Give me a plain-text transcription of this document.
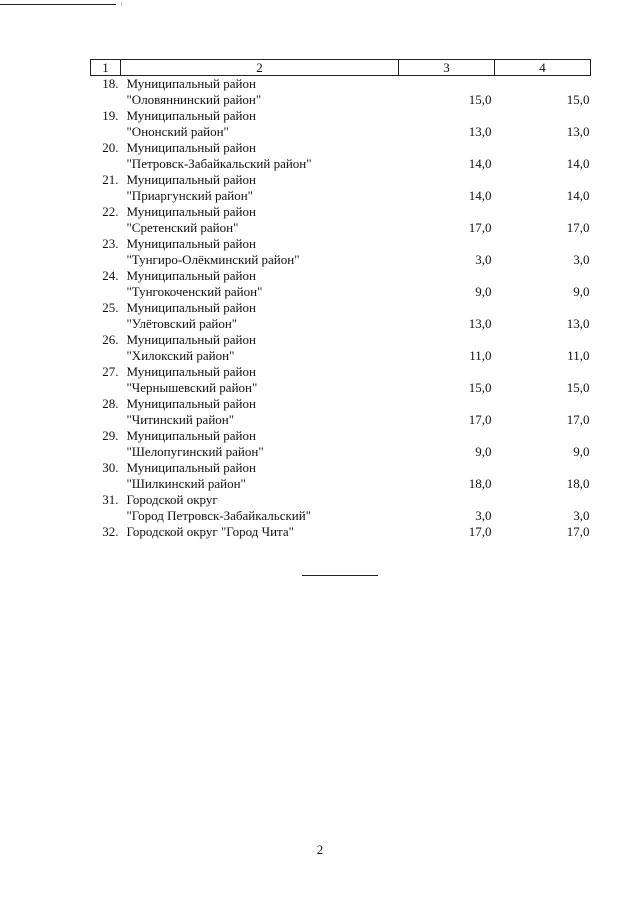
1	2	3	4
18.	Муниципальный район
"Оловяннинский район"	15,0	15,0
19.	Муниципальный район
"Ононский район"	13,0	13,0
20.	Муниципальный район
"Петровск-Забайкальский район"	14,0	14,0
21.	Муниципальный район
"Приаргунский район"	14,0	14,0
22.	Муниципальный район
"Сретенский район"	17,0	17,0
23.	Муниципальный район
"Тунгиро-Олёкминский район"	3,0	3,0
24.	Муниципальный район
"Тунгокоченский район"	9,0	9,0
25.	Муниципальный район
"Улётовский район"	13,0	13,0
26.	Муниципальный район
"Хилокский район"	11,0	11,0
27.	Муниципальный район
"Чернышевский район"	15,0	15,0
28.	Муниципальный район
"Читинский район"	17,0	17,0
29.	Муниципальный район
"Шелопугинский район"	9,0	9,0
30.	Муниципальный район
"Шилкинский район"	18,0	18,0
31.	Городской округ
"Город Петровск-Забайкальский"	3,0	3,0
32.	Городской округ "Город Чита"	17,0	17,0
2
